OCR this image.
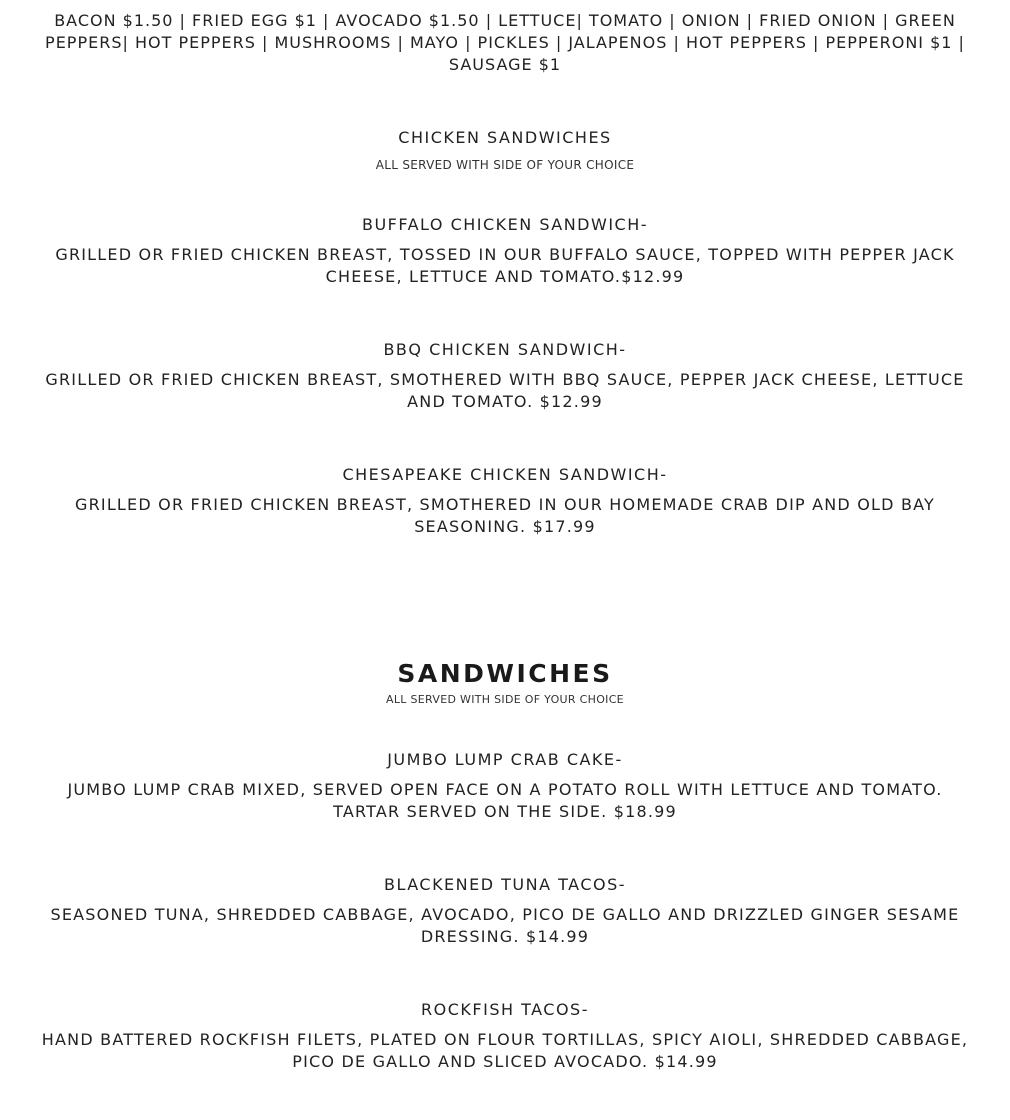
BACON $1.50 | FRIED EGG $1 | AVOCADO $1.50 | LETTUCE| TOMATO | ONION | FRIED ONION | GREEN PEPPERS| HOT PEPPERS | MUSHROOMS | MAYO | PICKLES | JALAPENOS | HOT PEPPERS | PEPPERONI $1 | SAUSAGE $1
CHICKEN SANDWICHES
ALL SERVED WITH SIDE OF YOUR CHOICE
BUFFALO CHICKEN SANDWICH-
GRILLED OR FRIED CHICKEN BREAST, TOSSED IN OUR BUFFALO SAUCE, TOPPED WITH PEPPER JACK CHEESE, LETTUCE AND TOMATO.$12.99
BBQ CHICKEN SANDWICH-
GRILLED OR FRIED CHICKEN BREAST, SMOTHERED WITH BBQ SAUCE, PEPPER JACK CHEESE, LETTUCE AND TOMATO. $12.99
CHESAPEAKE CHICKEN SANDWICH-
GRILLED OR FRIED CHICKEN BREAST, SMOTHERED IN OUR HOMEMADE CRAB DIP AND OLD BAY SEASONING. $17.99
SANDWICHES
ALL SERVED WITH SIDE OF YOUR CHOICE
JUMBO LUMP CRAB CAKE-
JUMBO LUMP CRAB MIXED, SERVED OPEN FACE ON A POTATO ROLL WITH LETTUCE AND TOMATO. TARTAR SERVED ON THE SIDE. $18.99
BLACKENED TUNA TACOS-
SEASONED TUNA, SHREDDED CABBAGE, AVOCADO, PICO DE GALLO AND DRIZZLED GINGER SESAME DRESSING. $14.99
ROCKFISH TACOS-
HAND BATTERED ROCKFISH FILETS, PLATED ON FLOUR TORTILLAS, SPICY AIOLI, SHREDDED CABBAGE, PICO DE GALLO AND SLICED AVOCADO. $14.99
